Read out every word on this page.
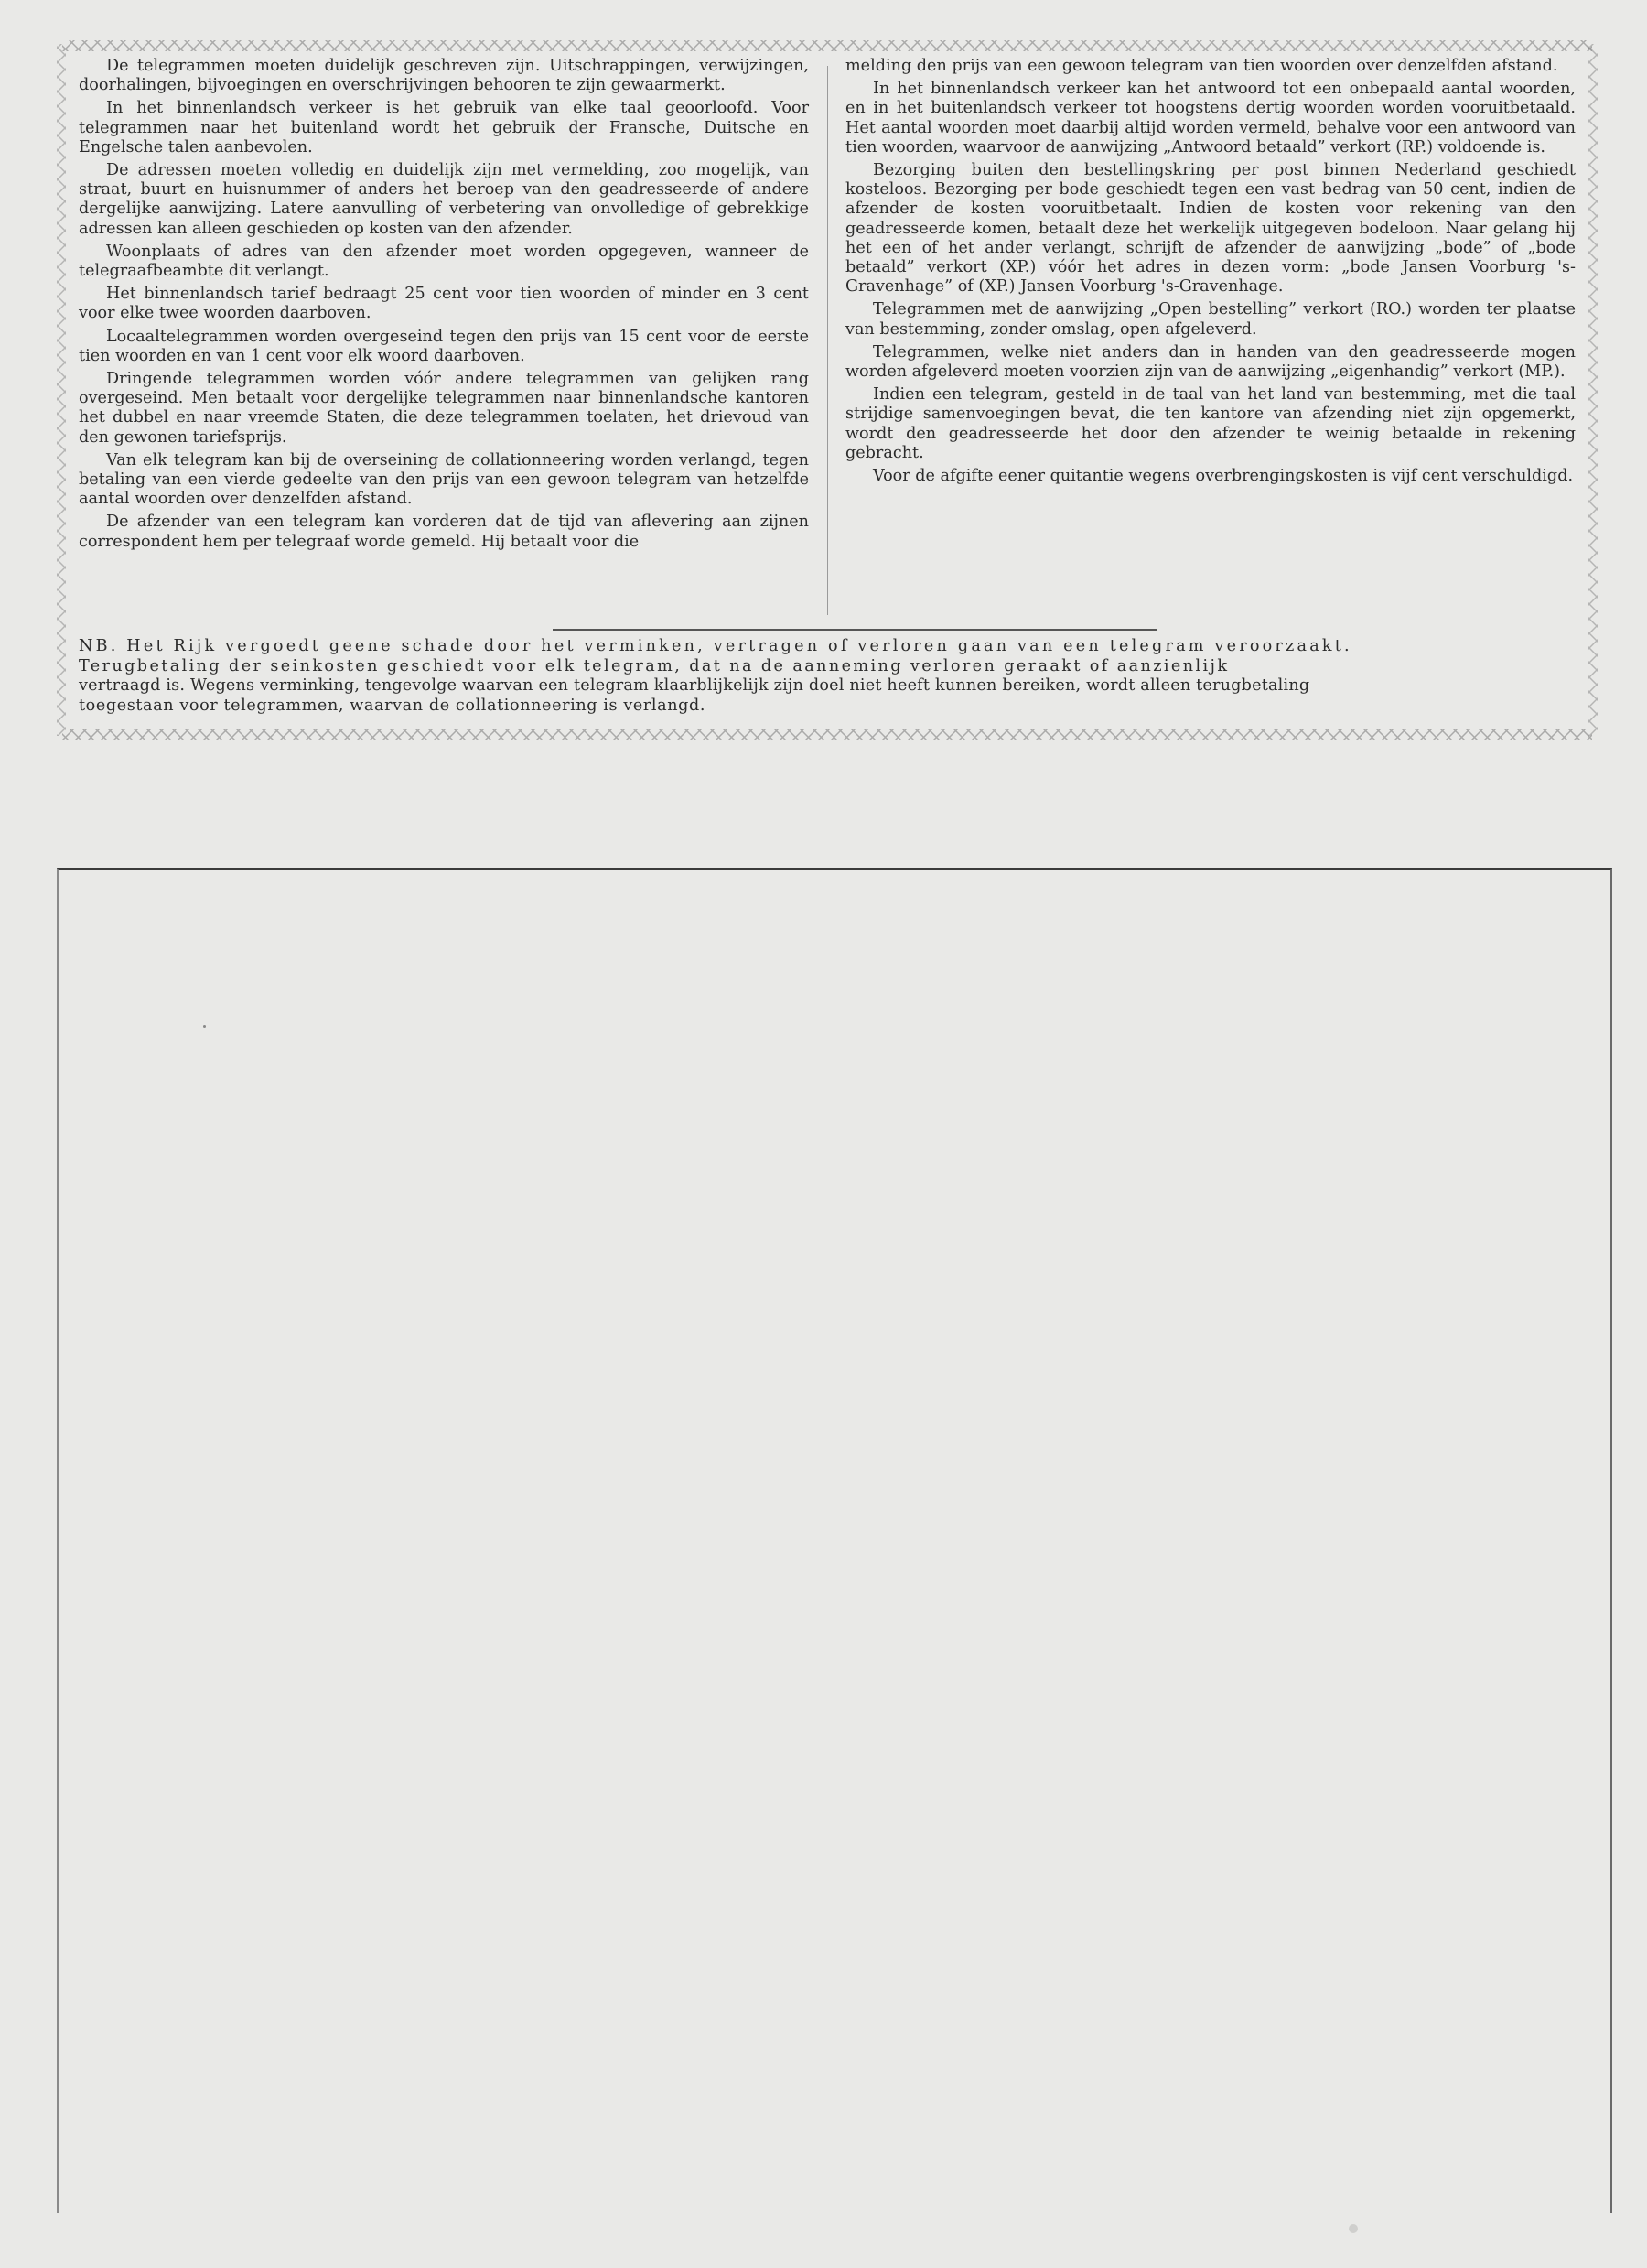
De telegrammen moeten duidelijk geschreven zijn. Uitschrappingen, verwijzingen, doorhalingen, bijvoegingen en overschrijvingen behooren te zijn gewaarmerkt.

In het binnenlandsch verkeer is het gebruik van elke taal geoorloofd. Voor telegrammen naar het buitenland wordt het gebruik der Fransche, Duitsche en Engelsche talen aanbevolen.

De adressen moeten volledig en duidelijk zijn met vermelding, zoo mogelijk, van straat, buurt en huisnummer of anders het beroep van den geadresseerde of andere dergelijke aanwijzing. Latere aanvulling of verbetering van onvolledige of gebrekkige adressen kan alleen geschieden op kosten van den afzender.

Woonplaats of adres van den afzender moet worden opgegeven, wanneer de telegraafbeambte dit verlangt.

Het binnenlandsch tarief bedraagt 25 cent voor tien woorden of minder en 3 cent voor elke twee woorden daarboven.

Locaaltelegrammen worden overgeseind tegen den prijs van 15 cent voor de eerste tien woorden en van 1 cent voor elk woord daarboven.

Dringende telegrammen worden vóór andere telegrammen van gelijken rang overgeseind. Men betaalt voor dergelijke telegrammen naar binnenlandsche kantoren het dubbel en naar vreemde Staten, die deze telegrammen toelaten, het drievoud van den gewonen tariefsprijs.

Van elk telegram kan bij de overseining de collationneering worden verlangd, tegen betaling van een vierde gedeelte van den prijs van een gewoon telegram van hetzelfde aantal woorden over denzelfden afstand.

De afzender van een telegram kan vorderen dat de tijd van aflevering aan zijnen correspondent hem per telegraaf worde gemeld. Hij betaalt voor die

melding den prijs van een gewoon telegram van tien woorden over denzelfden afstand.

In het binnenlandsch verkeer kan het antwoord tot een onbepaald aantal woorden, en in het buitenlandsch verkeer tot hoogstens dertig woorden worden vooruitbetaald. Het aantal woorden moet daarbij altijd worden vermeld, behalve voor een antwoord van tien woorden, waarvoor de aanwijzing „Antwoord betaald” verkort (RP.) voldoende is.

Bezorging buiten den bestellingskring per post binnen Nederland geschiedt kosteloos. Bezorging per bode geschiedt tegen een vast bedrag van 50 cent, indien de afzender de kosten vooruitbetaalt. Indien de kosten voor rekening van den geadresseerde komen, betaalt deze het werkelijk uitgegeven bodeloon. Naar gelang hij het een of het ander verlangt, schrijft de afzender de aanwijzing „bode” of „bode betaald” verkort (XP.) vóór het adres in dezen vorm: „bode Jansen Voorburg 's-Gravenhage” of (XP.) Jansen Voorburg 's-Gravenhage.

Telegrammen met de aanwijzing „Open bestelling” verkort (RO.) worden ter plaatse van bestemming, zonder omslag, open afgeleverd.

Telegrammen, welke niet anders dan in handen van den geadresseerde mogen worden afgeleverd moeten voorzien zijn van de aanwijzing „eigenhandig” verkort (MP.).

Indien een telegram, gesteld in de taal van het land van bestemming, met die taal strijdige samenvoegingen bevat, die ten kantore van afzending niet zijn opgemerkt, wordt den geadresseerde het door den afzender te weinig betaalde in rekening gebracht.

Voor de afgifte eener quitantie wegens overbrengingskosten is vijf cent verschuldigd.

NB. Het Rijk vergoedt geene schade door het verminken, vertragen of verloren gaan van een telegram veroorzaakt.

Terugbetaling der seinkosten geschiedt voor elk telegram, dat na de aanneming verloren geraakt of aanzienlijk

vertraagd is. Wegens verminking, tengevolge waarvan een telegram klaarblijkelijk zijn doel niet heeft kunnen bereiken, wordt alleen terugbetaling

toegestaan voor telegrammen, waarvan de collationneering is verlangd.
